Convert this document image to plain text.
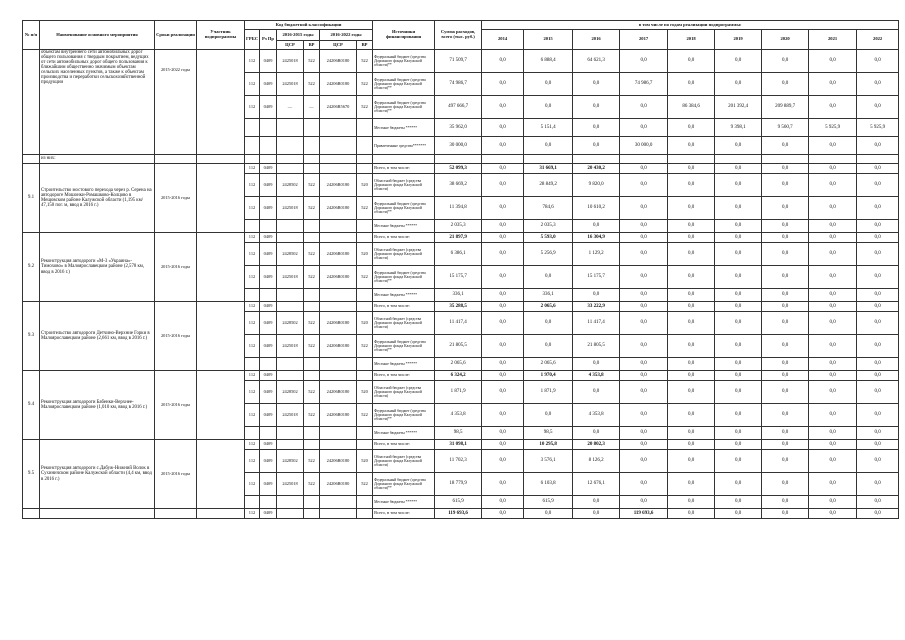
№ п/п	Наименование основного мероприятия	Сроки реализации	Участник подпрограммы	Код бюджетной классификации						Источники финансирования	Сумма расходов, всего (тыс. руб.)	в том числе по годам реализации подпрограммы:								
				ГРБС	Рз Пр	2016-2015 годы		2016-2022 годы				2014	2015	2016	2017	2018	2019	2020	2021	2022
						ЦСР	ВР	ЦСР	ВР											
	объектам внутреннего сети автомобильных дорог общего пользования с твердым покрытием, ведущих от сети автомобильных дорог общего пользования к ближайшим общественно значимым объектам сельских населенных пунктов, а также к объектам производства и переработки сельскохозяйственной продукции	2015-2022 годы		112	0409	2425018	522	24206R0180	522	Федеральный бюджет (средства Дорожного фонда Калужской области)**	71 509,7	0,0	6 888,4	64 621,3	0,0	0,0	0,0	0,0	0,0	0,0
				112	0409	2425018	522	24206R0180	522	Федеральный бюджет (средства Дорожного фонда Калужской области)**	74 986,7	0,0	0,0	0,0	74 986,7	0,0	0,0	0,0	0,0	0,0
				112	0409	—	—	24206R5670	522	Федеральный бюджет (средства Дорожного фонда Калужской области)**	497 666,7	0,0	0,0	0,0	0,0	86 384,6	201 392,4	209 889,7	0,0	0,0
										Местные бюджеты ******	35 962,0	0,0	5 151,4	0,0	0,0	0,0	9 398,1	9 560,7	5 925,9	5 925,9
										Привлеченные средства*******	30 000,0	0,0	0,0	0,0	30 000,0	0,0	0,0	0,0	0,0	0,0
	из них:																			
9.1	Строительство мостового перехода через р. Серена на автодороге Мошонки-Ромашково-Колцово в Мещовском районе Калужской области (1,195 км/ 47,150 пог. м, ввод в 2016 г.)	2015-2016 годы		112	0409					Всего, в том числе:	52 099,3	0,0	31 669,1	20 430,2	0,0	0,0	0,0	0,0	0,0	0,0
				112	0409	2428502	522	24206R0180	520	Областной бюджет (средства Дорожного фонда Калужской области)	38 669,2	0,0	28 849,2	9 820,0	0,0	0,0	0,0	0,0	0,0	0,0
				112	0409	2425018	522	24206R0180	522	Федеральный бюджет (средства Дорожного фонда Калужской области)**	11 394,8	0,0	784,6	10 610,2	0,0	0,0	0,0	0,0	0,0	0,0
										Местные бюджеты ******	2 035,3	0,0	2 035,3	0,0	0,0	0,0	0,0	0,0	0,0	0,0
9.2	Реконструкция автодороги «М-3 «Украина»-Тимохово» в Малоярославецком районе (2,578 км, ввод в 2016 г.)	2015-2016 годы		112	0409					Всего, в том числе:	21 897,9	0,0	5 593,0	16 304,9	0,0	0,0	0,0	0,0	0,0	0,0
				112	0409	2428502	522	24206R0180	520	Областной бюджет (средства Дорожного фонда Калужской области)	6 386,1	0,0	5 256,9	1 129,2	0,0	0,0	0,0	0,0	0,0	0,0
				112	0409	2425018	522	24206R0180	522	Федеральный бюджет (средства Дорожного фонда Калужской области)**	15 175,7	0,0	0,0	15 175,7	0,0	0,0	0,0	0,0	0,0	0,0
										Местные бюджеты ******	336,1	0,0	336,1	0,0	0,0	0,0	0,0	0,0	0,0	0,0
9.3	Строительство автодороги Детчино-Верхние Горки в Малоярославецком районе (2,661 км, ввод в 2016 г.)	2015-2016 годы		112	0409					Всего, в том числе:	35 288,5	0,0	2 065,6	33 222,9	0,0	0,0	0,0	0,0	0,0	0,0
				112	0409	2428502	522	24206R0180	520	Областной бюджет (средства Дорожного фонда Калужской области)	11 417,4	0,0	0,0	11 417,4	0,0	0,0	0,0	0,0	0,0	0,0
				112	0409	2425018	522	24206R0180	522	Федеральный бюджет (средства Дорожного фонда Калужской области)**	21 805,5	0,0	0,0	21 805,5	0,0	0,0	0,0	0,0	0,0	0,0
										Местные бюджеты ******	2 065,6	0,0	2 065,6	0,0	0,0	0,0	0,0	0,0	0,0	0,0
9.4	Реконструкция автодороги Бабенки-Верхнее-Малоярославецком районе (1,010 км, ввод в 2016 г.)	2015-2016 годы		112	0409					Всего, в том числе:	6 324,2	0,0	1 970,4	4 353,8	0,0	0,0	0,0	0,0	0,0	0,0
				112	0409	2428502	522	24206R0180	520	Областной бюджет (средства Дорожного фонда Калужской области)	1 871,9	0,0	1 871,9	0,0	0,0	0,0	0,0	0,0	0,0	0,0
				112	0409	2425018	522	24206R0180	522	Федеральный бюджет (средства Дорожного фонда Калужской области)**	4 353,8	0,0	0,0	4 353,8	0,0	0,0	0,0	0,0	0,0	0,0
										Местные бюджеты ******	98,5	0,0	98,5	0,0	0,0	0,0	0,0	0,0	0,0	0,0
9.5	Реконструкция автодороги с.Дабуж-Нижний Волок в Сухиничском районе Калужской области (4,4 км, ввод в 2016 г.)	2015-2016 годы		112	0409					Всего, в том числе:	31 098,1	0,0	10 295,8	20 802,3	0,0	0,0	0,0	0,0	0,0	0,0
				112	0409	2428502	522	24206R0180	520	Областной бюджет (средства Дорожного фонда Калужской области)	11 702,3	0,0	3 576,1	8 126,2	0,0	0,0	0,0	0,0	0,0	0,0
				112	0409	2425018	522	24206R0180	522	Федеральный бюджет (средства Дорожного фонда Калужской области)**	18 779,9	0,0	6 103,8	12 676,1	0,0	0,0	0,0	0,0	0,0	0,0
										Местные бюджеты ******	615,9	0,0	615,9	0,0	0,0	0,0	0,0	0,0	0,0	0,0
				112	0409					Всего, в том числе:	119 693,6	0,0	0,0	0,0	119 693,6	0,0	0,0	0,0	0,0	0,0
